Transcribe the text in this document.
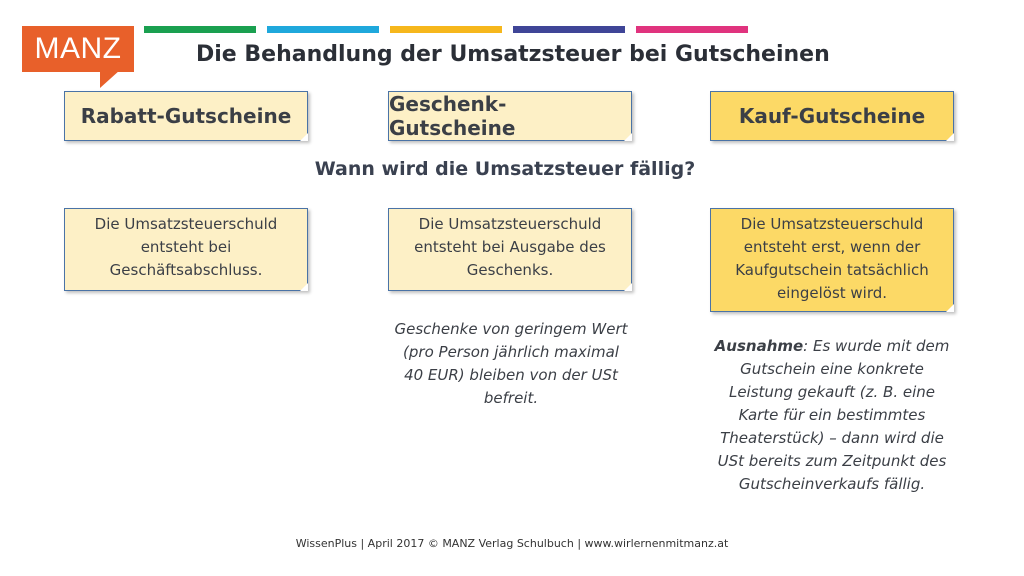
MANZ	Die Behandlung der Umsatzsteuer bei Gutscheinen
Rabatt-Gutscheine	Geschenk-Gutscheine	Kauf-Gutscheine
Wann wird die Umsatzsteuer fällig?
Die Umsatzsteuerschuld entsteht bei Geschäftsabschluss.
Die Umsatzsteuerschuld entsteht bei Ausgabe des Geschenks.
Die Umsatzsteuerschuld entsteht erst, wenn der Kaufgutschein tatsächlich eingelöst wird.
Geschenke von geringem Wert (pro Person jährlich maximal 40 EUR) bleiben von der USt befreit.
Ausnahme: Es wurde mit dem Gutschein eine konkrete Leistung gekauft (z. B. eine Karte für ein bestimmtes Theaterstück) – dann wird die USt bereits zum Zeitpunkt des Gutscheinverkaufs fällig.
WissenPlus | April 2017 © MANZ Verlag Schulbuch | www.wirlernenmitmanz.at
